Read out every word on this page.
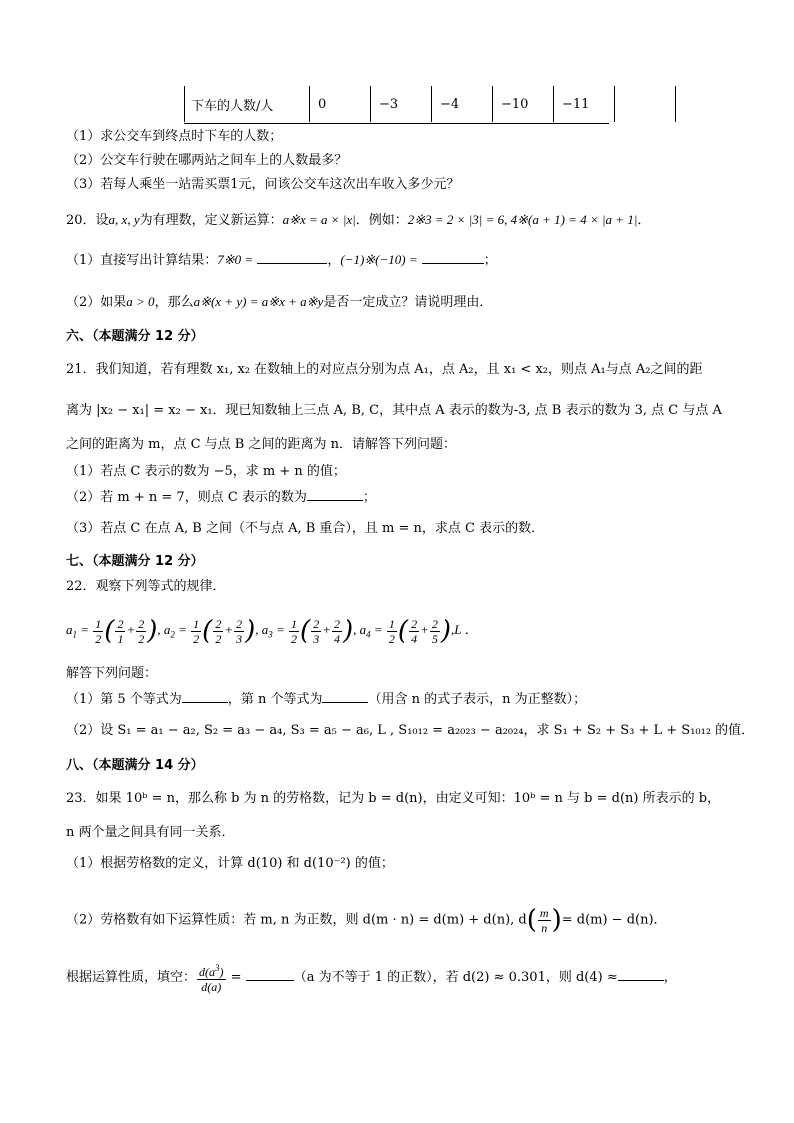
下车的人数/人	0	−3	−4	−10	−11	
（1）求公交车到终点时下车的人数；
（2）公交车行驶在哪两站之间车上的人数最多？
（3）若每人乘坐一站需买票1元，问该公交车这次出车收入多少元？
20．设a, x, y为有理数，定义新运算：a※x = a × |x|．例如：2※3 = 2 × |3| = 6, 4※(a + 1) = 4 × |a + 1|．
（1）直接写出计算结果：7※0 =	，(−1)※(−10) =	；
（2）如果a > 0，那么a※(x + y) = a※x + a※y是否一定成立？请说明理由．
六、（本题满分 12 分）
21．我们知道，若有理数 x₁, x₂ 在数轴上的对应点分别为点 A₁，点 A₂，且 x₁ < x₂，则点 A₁与点 A₂之间的距
离为 |x₂ − x₁| = x₂ − x₁．现已知数轴上三点 A, B, C，其中点 A 表示的数为-3, 点 B 表示的数为 3, 点 C 与点 A
之间的距离为 m，点 C 与点 B 之间的距离为 n．请解答下列问题：
（1）若点 C 表示的数为 −5，求 m + n 的值；
（2）若 m + n = 7，则点 C 表示的数为	；
（3）若点 C 在点 A, B 之间（不与点 A, B 重合），且 m = n，求点 C 表示的数．
七、（本题满分 12 分）
22．观察下列等式的规律．
$a_1 = \frac{1}{2}$ ( $\frac{2}{1} + \frac{2}{2}$ ), $a_2 = \frac{1}{2}$ ( $\frac{2}{2} + \frac{2}{3}$ ), $a_3 = \frac{1}{2}$ ( $\frac{2}{3} + \frac{2}{4}$ ), $a_4 = \frac{1}{2}$ ( $\frac{2}{4} + \frac{2}{5} ),L$ ．
解答下列问题：
（1）第 5 个等式为	，第 n 个等式为	（用含 n 的式子表示，n 为正整数）；
（2）设 S₁ = a₁ − a₂, S₂ = a₃ − a₄, S₃ = a₅ − a₆, L , S₁₀₁₂ = a₂₀₂₃ − a₂₀₂₄，求 S₁ + S₂ + S₃ + L + S₁₀₁₂ 的值．
八、（本题满分 14 分）
23．如果 10ᵇ = n，那么称 b 为 n 的劳格数，记为 b = d(n)，由定义可知：10ᵇ = n 与 b = d(n) 所表示的 b，
n 两个量之间具有同一关系．
（1）根据劳格数的定义，计算 d(10) 和 d(10⁻²) 的值；
（2）劳格数有如下运算性质：若 m, n 为正数，则 d(m · n) = d(m) + d(n), $d( \frac{m}{n}$ )= d(m) − d(n)．
根据运算性质，填空： $\frac{d(a^3)}{d(a)}$ =	（a 为不等于 1 的正数），若 d(2) ≈ 0.301，则 d(4) ≈	，
